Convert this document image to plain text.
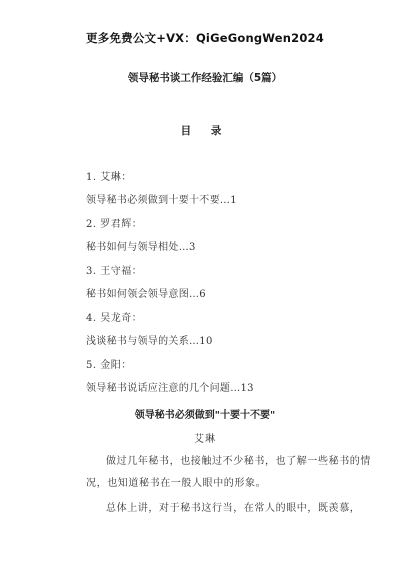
更多免费公文+VX：QiGeGongWen2024
领导秘书谈工作经验汇编（5篇）
目 录
1. 艾琳：
领导秘书必须做到十要十不要…1
2. 罗君辉：
秘书如何与领导相处…3
3. 王守福：
秘书如何领会领导意图…6
4. 吴龙奇：
浅谈秘书与领导的关系…10
5. 金阳：
领导秘书说话应注意的几个问题…13
领导秘书必须做到"十要十不要"
艾琳

做过几年秘书，也接触过不少秘书，也了解一些秘书的情况，也知道秘书在一般人眼中的形象。

总体上讲，对于秘书这行当，在常人的眼中，既羡慕，
